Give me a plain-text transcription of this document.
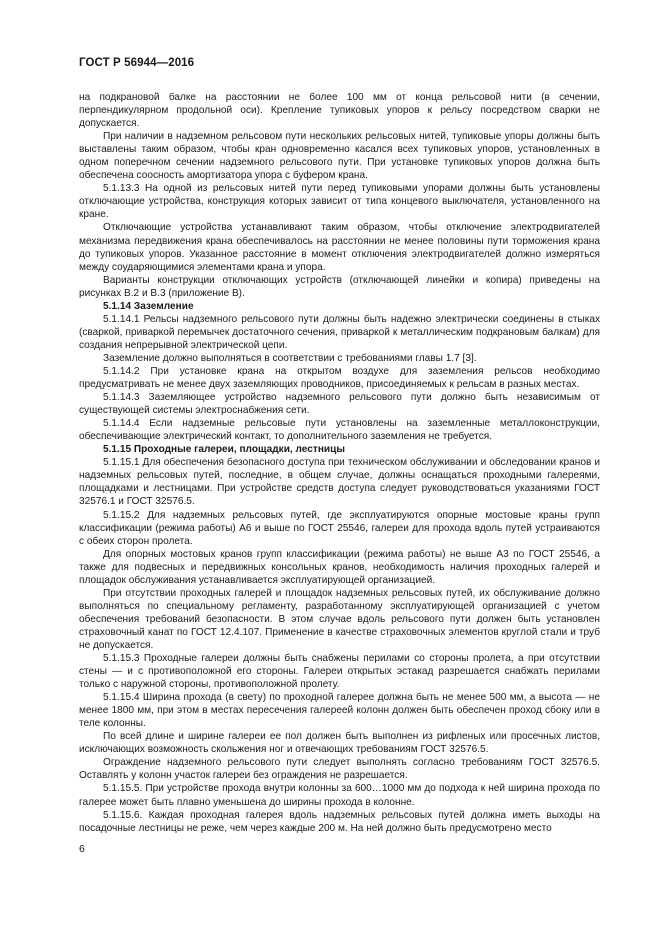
ГОСТ Р 56944—2016

на подкрановой балке на расстоянии не более 100 мм от конца рельсовой нити (в сечении, перпендикулярном продольной оси). Крепление тупиковых упоров к рельсу посредством сварки не допускается.

При наличии в надземном рельсовом пути нескольких рельсовых нитей, тупиковые упоры должны быть выставлены таким образом, чтобы кран одновременно касался всех тупиковых упоров, установленных в одном поперечном сечении надземного рельсового пути. При установке тупиковых упоров должна быть обеспечена соосность амортизатора упора с буфером крана.

5.1.13.3 На одной из рельсовых нитей пути перед тупиковыми упорами должны быть установлены отключающие устройства, конструкция которых зависит от типа концевого выключателя, установленного на кране.

Отключающие устройства устанавливают таким образом, чтобы отключение электродвигателей механизма передвижения крана обеспечивалось на расстоянии не менее половины пути торможения крана до тупиковых упоров. Указанное расстояние в момент отключения электродвигателей должно измеряться между соударяющимися элементами крана и упора.

Варианты конструкции отключающих устройств (отключающей линейки и копира) приведены на рисунках В.2 и В.3 (приложение В).

5.1.14 Заземление

5.1.14.1 Рельсы надземного рельсового пути должны быть надежно электрически соединены в стыках (сваркой, приваркой перемычек достаточного сечения, приваркой к металлическим подкрановым балкам) для создания непрерывной электрической цепи.

Заземление должно выполняться в соответствии с требованиями главы 1.7 [3].

5.1.14.2 При установке крана на открытом воздухе для заземления рельсов необходимо предусматривать не менее двух заземляющих проводников, присоединяемых к рельсам в разных местах.

5.1.14.3 Заземляющее устройство надземного рельсового пути должно быть независимым от существующей системы электроснабжения сети.

5.1.14.4 Если надземные рельсовые пути установлены на заземленные металлоконструкции, обеспечивающие электрический контакт, то дополнительного заземления не требуется.

5.1.15 Проходные галереи, площадки, лестницы

5.1.15.1 Для обеспечения безопасного доступа при техническом обслуживании и обследовании кранов и надземных рельсовых путей, последние, в общем случае, должны оснащаться проходными галереями, площадками и лестницами. При устройстве средств доступа следует руководствоваться указаниями ГОСТ 32576.1 и ГОСТ 32576.5.

5.1.15.2 Для надземных рельсовых путей, где эксплуатируются опорные мостовые краны групп классификации (режима работы) А6 и выше по ГОСТ 25546, галереи для прохода вдоль путей устраиваются с обеих сторон пролета.

Для опорных мостовых кранов групп классификации (режима работы) не выше А3 по ГОСТ 25546, а также для подвесных и передвижных консольных кранов, необходимость наличия проходных галерей и площадок обслуживания устанавливается эксплуатирующей организацией.

При отсутствии проходных галерей и площадок надземных рельсовых путей, их обслуживание должно выполняться по специальному регламенту, разработанному эксплуатирующей организацией с учетом обеспечения требований безопасности. В этом случае вдоль рельсового пути должен быть установлен страховочный канат по ГОСТ 12.4.107. Применение в качестве страховочных элементов круглой стали и труб не допускается.

5.1.15.3 Проходные галереи должны быть снабжены перилами со стороны пролета, а при отсутствии стены — и с противоположной его стороны. Галереи открытых эстакад разрешается снабжать перилами только с наружной стороны, противоположной пролету.

5.1.15.4 Ширина прохода (в свету) по проходной галерее должна быть не менее 500 мм, а высота — не менее 1800 мм, при этом в местах пересечения галереей колонн должен быть обеспечен проход сбоку или в теле колонны.

По всей длине и ширине галереи ее пол должен быть выполнен из рифленых или просечных листов, исключающих возможность скольжения ног и отвечающих требованиям ГОСТ 32576.5.

Ограждение надземного рельсового пути следует выполнять согласно требованиям ГОСТ 32576.5. Оставлять у колонн участок галереи без ограждения не разрешается.

5.1.15.5. При устройстве прохода внутри колонны за 600…1000 мм до подхода к ней ширина прохода по галерее может быть плавно уменьшена до ширины прохода в колонне.

5.1.15.6. Каждая проходная галерея вдоль надземных рельсовых путей должна иметь выходы на посадочные лестницы не реже, чем через каждые 200 м. На ней должно быть предусмотрено место

6
